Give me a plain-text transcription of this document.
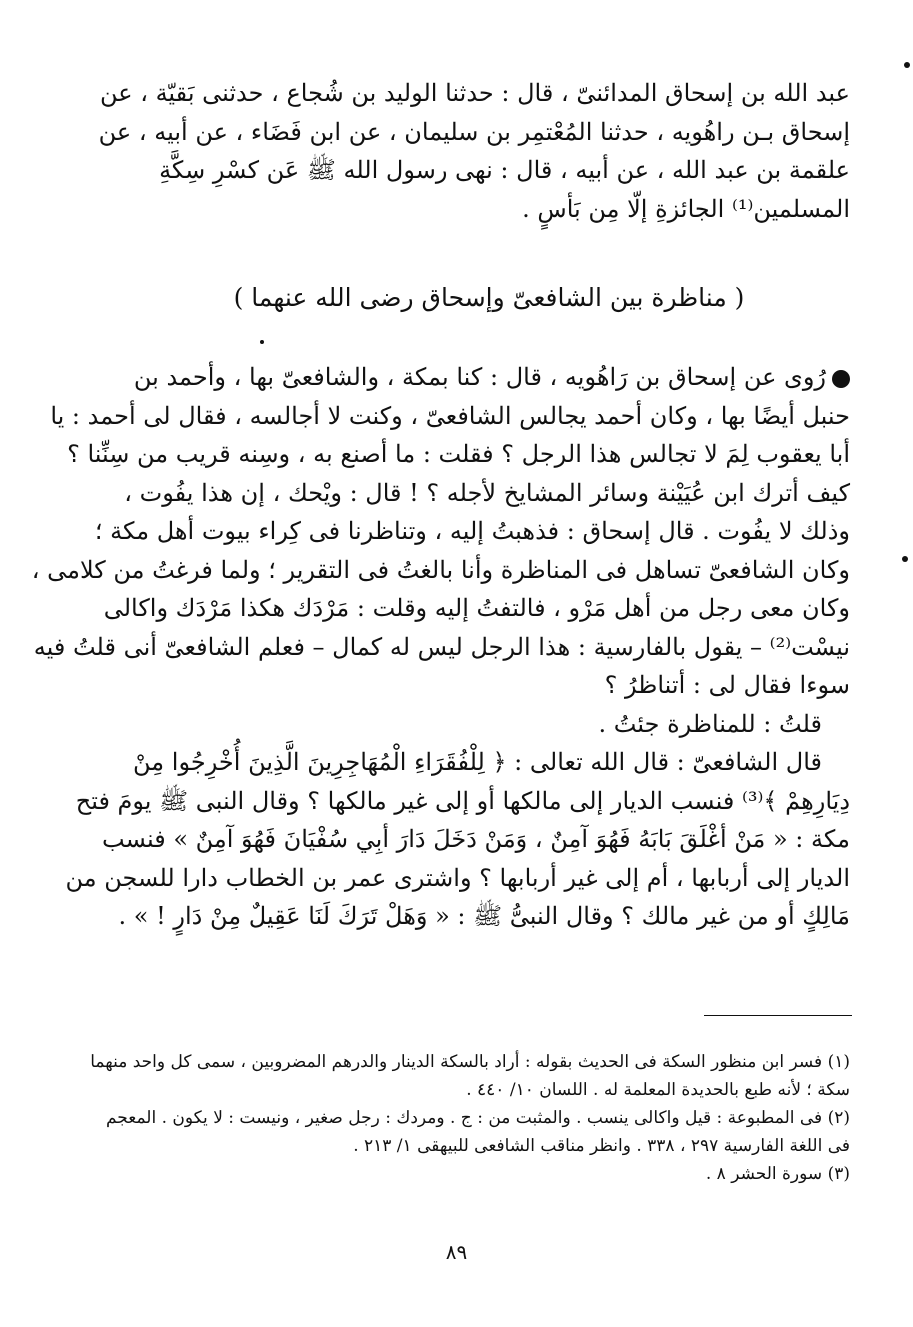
عبد الله بن إسحاق المدائنىّ ، قال : حدثنا الوليد بن شُجاع ، حدثنى بَقيّة ، عن
إسحاق بـن راهُويه ، حدثنا المُعْتمِر بن سليمان ، عن ابن فَضَاء ، عن أبيه ، عن
علقمة بن عبد الله ، عن أبيه ، قال : نهى رسول الله ﷺ عَن كسْرِ سِكَّةِ
المسلمين⁽¹⁾ الجائزةِ إلّا مِن بَأسٍ .
( مناظرة بين الشافعىّ وإسحاق رضى الله عنهما )
رُوى عن إسحاق بن رَاهُويه ، قال : كنا بمكة ، والشافعىّ بها ، وأحمد بن
حنبل أيضًا بها ، وكان أحمد يجالس الشافعىّ ، وكنت لا أجالسه ، فقال لى أحمد : يا
أبا يعقوب لِمَ لا تجالس هذا الرجل ؟ فقلت : ما أصنع به ، وسِنه قريب من سِنِّنا ؟
كيف أترك ابن عُيَيْنة وسائر المشايخ لأجله ؟ ! قال : ويْحك ، إن هذا يفُوت ،
وذلك لا يفُوت . قال إسحاق : فذهبتُ إليه ، وتناظرنا فى كِراء بيوت أهل مكة ؛
وكان الشافعىّ تساهل فى المناظرة وأنا بالغتُ فى التقرير ؛ ولما فرغتُ من كلامى ،
وكان معى رجل من أهل مَرْو ، فالتفتُ إليه وقلت : مَرْدَك هكذا مَرْدَك واكالى
نيسْت⁽²⁾ – يقول بالفارسية : هذا الرجل ليس له كمال – فعلم الشافعىّ أنى قلتُ فيه
سوءا فقال لى : أتناظرُ ؟
قلتُ : للمناظرة جئتُ .
قال الشافعىّ : قال الله تعالى : ﴿ لِلْفُقَرَاءِ الْمُهَاجِرِينَ الَّذِينَ أُخْرِجُوا مِنْ
دِيَارِهِمْ ﴾⁽³⁾ فنسب الديار إلى مالكها أو إلى غير مالكها ؟ وقال النبى ﷺ يومَ فتح
مكة : « مَنْ أغْلَقَ بَابَهُ فَهُوَ آمِنٌ ، وَمَنْ دَخَلَ دَارَ أبِي سُفْيَانَ فَهُوَ آمِنٌ » فنسب
الديار إلى أربابها ، أم إلى غير أربابها ؟ واشترى عمر بن الخطاب دارا للسجن من
مَالِكٍ أو من غير مالك ؟ وقال النبىُّ ﷺ : « وَهَلْ تَرَكَ لَنَا عَقِيلٌ مِنْ دَارٍ ! » .
(١) فسر ابن منظور السكة فى الحديث بقوله : أراد بالسكة الدينار والدرهم المضروبين ، سمى كل واحد منهما
سكة ؛ لأنه طبع بالحديدة المعلمة له . اللسان ١٠/ ٤٤٠ .
(٢) فى المطبوعة : قيل واكالى ينسب . والمثبت من : ج . ومردك : رجل صغير ، ونيست : لا يكون . المعجم
فى اللغة الفارسية ٢٩٧ ، ٣٣٨ . وانظر مناقب الشافعى للبيهقى ١/ ٢١٣ .
(٣) سورة الحشر ٨ .
٨٩
